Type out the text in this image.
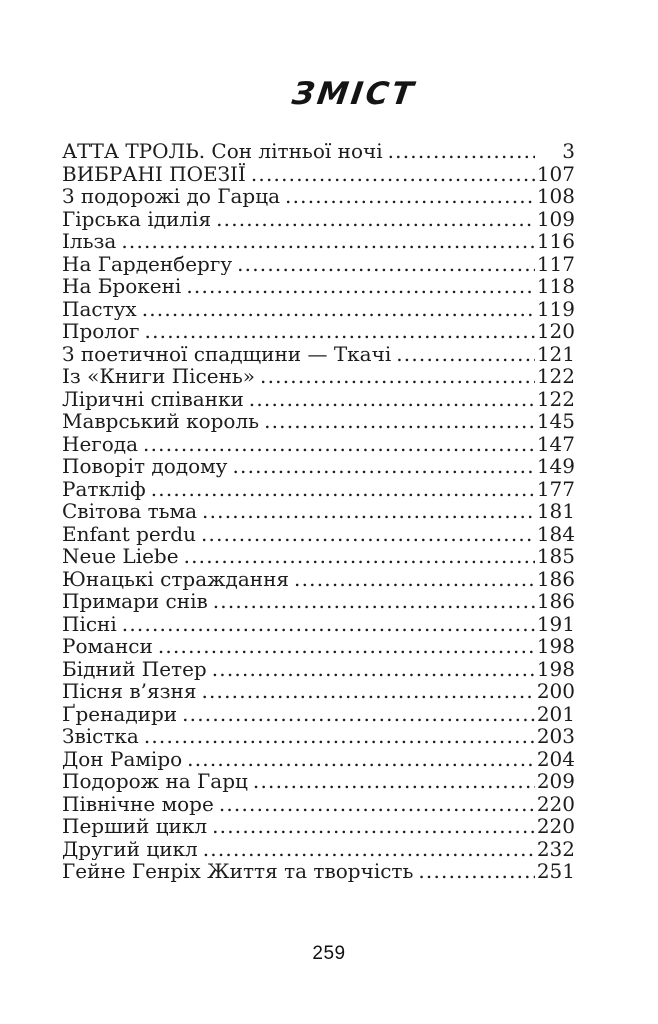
ЗМІСТ
АТТА ТРОЛЬ. Сон літньої ночі .....	3
ВИБРАНІ ПОЕЗІЇ .....	107
З подорожі до Гарца .....	108
Гірська ідилія .....	109
Ільза .....	116
На Гарденбергу .....	117
На Брокені .....	118
Пастух .....	119
Пролог .....	120
З поетичної спадщини — Ткачі .....	121
Із «Книги Пісень» .....	122
Ліричні співанки .....	122
Маврський король .....	145
Негода .....	147
Поворіт додому .....	149
Раткліф .....	177
Світова тьма .....	181
Enfant perdu .....	184
Neue Liebe .....	185
Юнацькі страждання .....	186
Примари снів .....	186
Пісні .....	191
Романси .....	198
Бідний Петер .....	198
Пісня в’язня .....	200
Ґренадири .....	201
Звістка .....	203
Дон Раміро .....	204
Подорож на Гарц .....	209
Північне море .....	220
Перший цикл .....	220
Другий цикл .....	232
Гейне Генріх Життя та творчість .....	251
259
